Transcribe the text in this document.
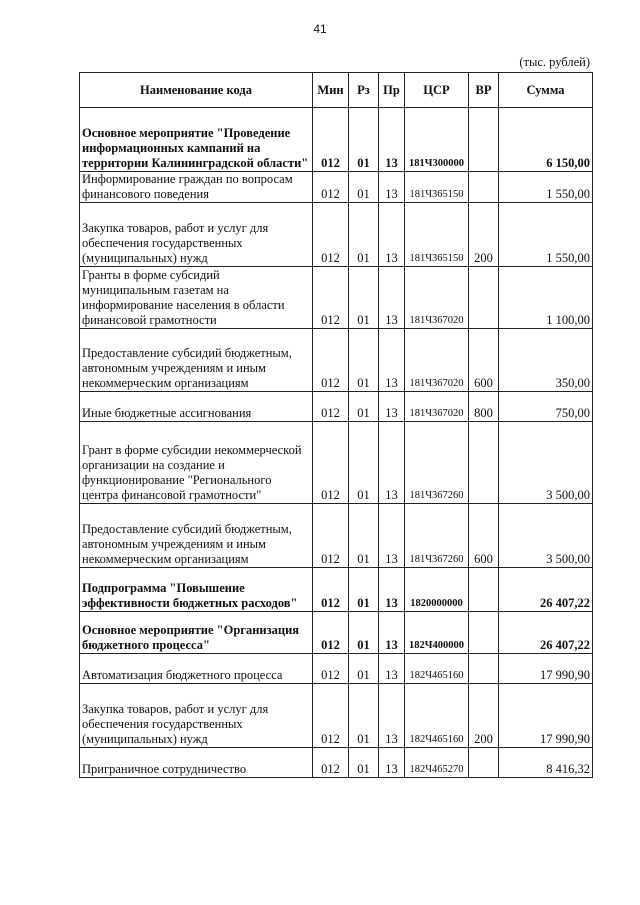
41
(тыс. рублей)
Наименование кода	Мин	Рз	Пр	ЦСР	ВР	Сумма
Основное мероприятие "Проведение информационных кампаний на территории Калининградской области"	012	01	13	181Ч300000		6 150,00
Информирование граждан по вопросам финансового поведения	012	01	13	181Ч365150		1 550,00
Закупка товаров, работ и услуг для обеспечения государственных (муниципальных) нужд	012	01	13	181Ч365150	200	1 550,00
Гранты в форме субсидий муниципальным газетам на информирование населения в области финансовой грамотности	012	01	13	181Ч367020		1 100,00
Предоставление субсидий бюджетным, автономным учреждениям и иным некоммерческим организациям	012	01	13	181Ч367020	600	350,00
Иные бюджетные ассигнования	012	01	13	181Ч367020	800	750,00
Грант в форме субсидии некоммерческой организации на создание и функционирование "Регионального центра финансовой грамотности"	012	01	13	181Ч367260		3 500,00
Предоставление субсидий бюджетным, автономным учреждениям и иным некоммерческим организациям	012	01	13	181Ч367260	600	3 500,00
Подпрограмма "Повышение эффективности бюджетных расходов"	012	01	13	1820000000		26 407,22
Основное мероприятие "Организация бюджетного процесса"	012	01	13	182Ч400000		26 407,22
Автоматизация бюджетного процесса	012	01	13	182Ч465160		17 990,90
Закупка товаров, работ и услуг для обеспечения государственных (муниципальных) нужд	012	01	13	182Ч465160	200	17 990,90
Приграничное сотрудничество	012	01	13	182Ч465270		8 416,32
